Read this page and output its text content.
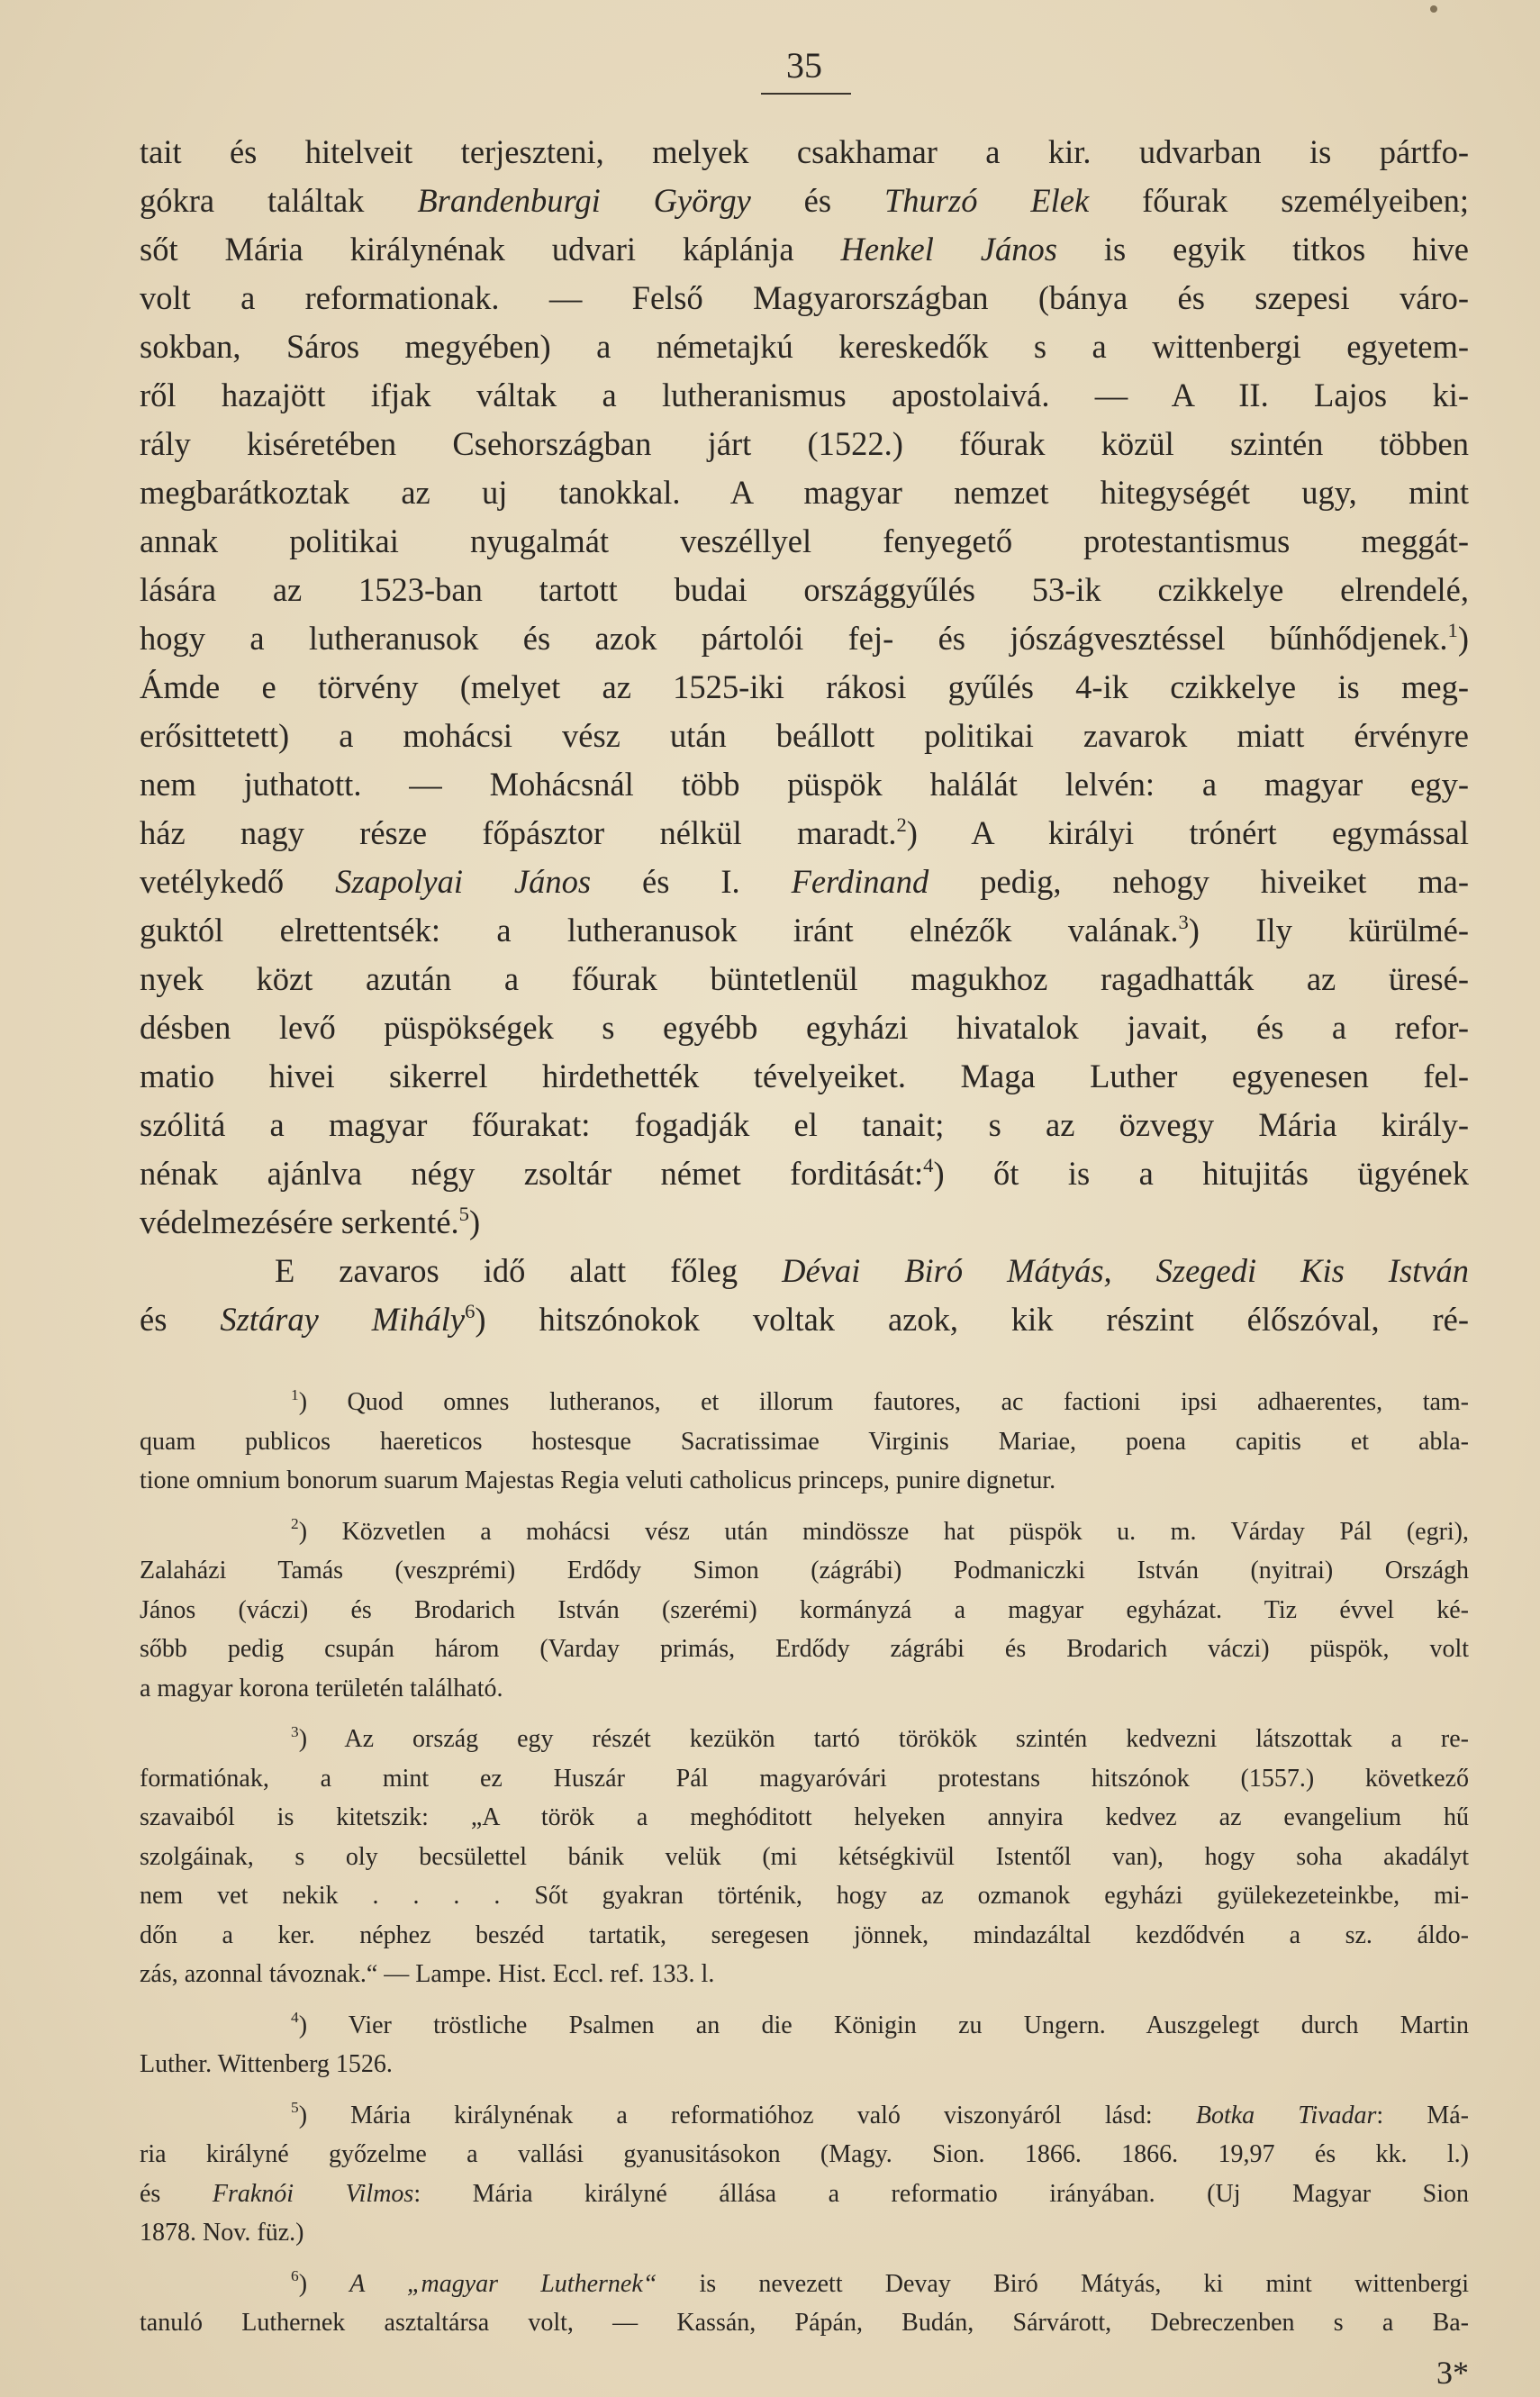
35
tait és hitelveit terjeszteni, melyek csakhamar a kir. udvarban is pártfo-
gókra találtak Brandenburgi György és Thurzó Elek főurak személyeiben;
sőt Mária királynénak udvari káplánja Henkel János is egyik titkos hive
volt a reformationak. — Felső Magyarországban (bánya és szepesi váro-
sokban, Sáros megyében) a németajkú kereskedők s a wittenbergi egyetem-
ről hazajött ifjak váltak a lutheranismus apostolaivá. — A II. Lajos ki-
rály kiséretében Csehországban járt (1522.) főurak közül szintén többen
megbarátkoztak az uj tanokkal. A magyar nemzet hitegységét ugy, mint
annak politikai nyugalmát veszéllyel fenyegető protestantismus meggát-
lására az 1523-ban tartott budai országgyűlés 53-ik czikkelye elrendelé,
hogy a lutheranusok és azok pártolói fej- és jószágvesztéssel bűnhődjenek.$^1$)
Ámde e törvény (melyet az 1525-iki rákosi gyűlés 4-ik czikkelye is meg-
erősittetett) a mohácsi vész után beállott politikai zavarok miatt érvényre
nem juthatott. — Mohácsnál több püspök halálát lelvén: a magyar egy-
ház nagy része főpásztor nélkül maradt.$^2$) A királyi trónért egymással
vetélykedő Szapolyai János és I. Ferdinand pedig, nehogy hiveiket ma-
guktól elrettentsék: a lutheranusok iránt elnézők valának.$^3$) Ily kürülmé-
nyek közt azután a főurak büntetlenül magukhoz ragadhatták az üresé-
désben levő püspökségek s egyébb egyházi hivatalok javait, és a refor-
matio hivei sikerrel hirdethették tévelyeiket. Maga Luther egyenesen fel-
szólitá a magyar főurakat: fogadják el tanait; s az özvegy Mária király-
nénak ajánlva négy zsoltár német forditását:$^4$) őt is a hitujitás ügyének
védelmezésére serkenté.$^5$)
E zavaros idő alatt főleg Dévai Biró Mátyás, Szegedi Kis István
és Sztáray Mihály$^6$) hitszónokok voltak azok, kik részint élőszóval, ré-
$^1$) Quod omnes lutheranos, et illorum fautores, ac factioni ipsi adhaerentes, tam-
quam publicos haereticos hostesque Sacratissimae Virginis Mariae, poena capitis et abla-
tione omnium bonorum suarum Majestas Regia veluti catholicus princeps, punire dignetur.
$^2$) Közvetlen a mohácsi vész után mindössze hat püspök u. m. Várday Pál (egri),
Zalaházi Tamás (veszprémi) Erdődy Simon (zágrábi) Podmaniczki István (nyitrai) Országh
János (váczi) és Brodarich István (szerémi) kormányzá a magyar egyházat. Tiz évvel ké-
sőbb pedig csupán három (Varday primás, Erdődy zágrábi és Brodarich váczi) püspök, volt
a magyar korona területén található.
$^3$) Az ország egy részét kezükön tartó törökök szintén kedvezni látszottak a re-
formatiónak, a mint ez Huszár Pál magyaróvári protestans hitszónok (1557.) következő
szavaiból is kitetszik: „A török a meghóditott helyeken annyira kedvez az evangelium hű
szolgáinak, s oly becsülettel bánik velük (mi kétségkivül Istentől van), hogy soha akadályt
nem vet nekik . . . . Sőt gyakran történik, hogy az ozmanok egyházi gyülekezeteinkbe, mi-
dőn a ker. néphez beszéd tartatik, seregesen jönnek, mindazáltal kezdődvén a sz. áldo-
zás, azonnal távoznak.“ — Lampe. Hist. Eccl. ref. 133. l.
$^4$) Vier tröstliche Psalmen an die Königin zu Ungern. Auszgelegt durch Martin
Luther. Wittenberg 1526.
$^5$) Mária királynénak a reformatióhoz való viszonyáról lásd: Botka Tivadar: Má-
ria királyné győzelme a vallási gyanusitásokon (Magy. Sion. 1866. 1866. 19,97 és kk. l.)
és Fraknói Vilmos: Mária királyné állása a reformatio irányában. (Uj Magyar Sion
1878. Nov. füz.)
$^6$) A „magyar Luthernek“ is nevezett Devay Biró Mátyás, ki mint wittenbergi
tanuló Luthernek asztaltársa volt, — Kassán, Pápán, Budán, Sárvárott, Debreczenben s a Ba-
3*
